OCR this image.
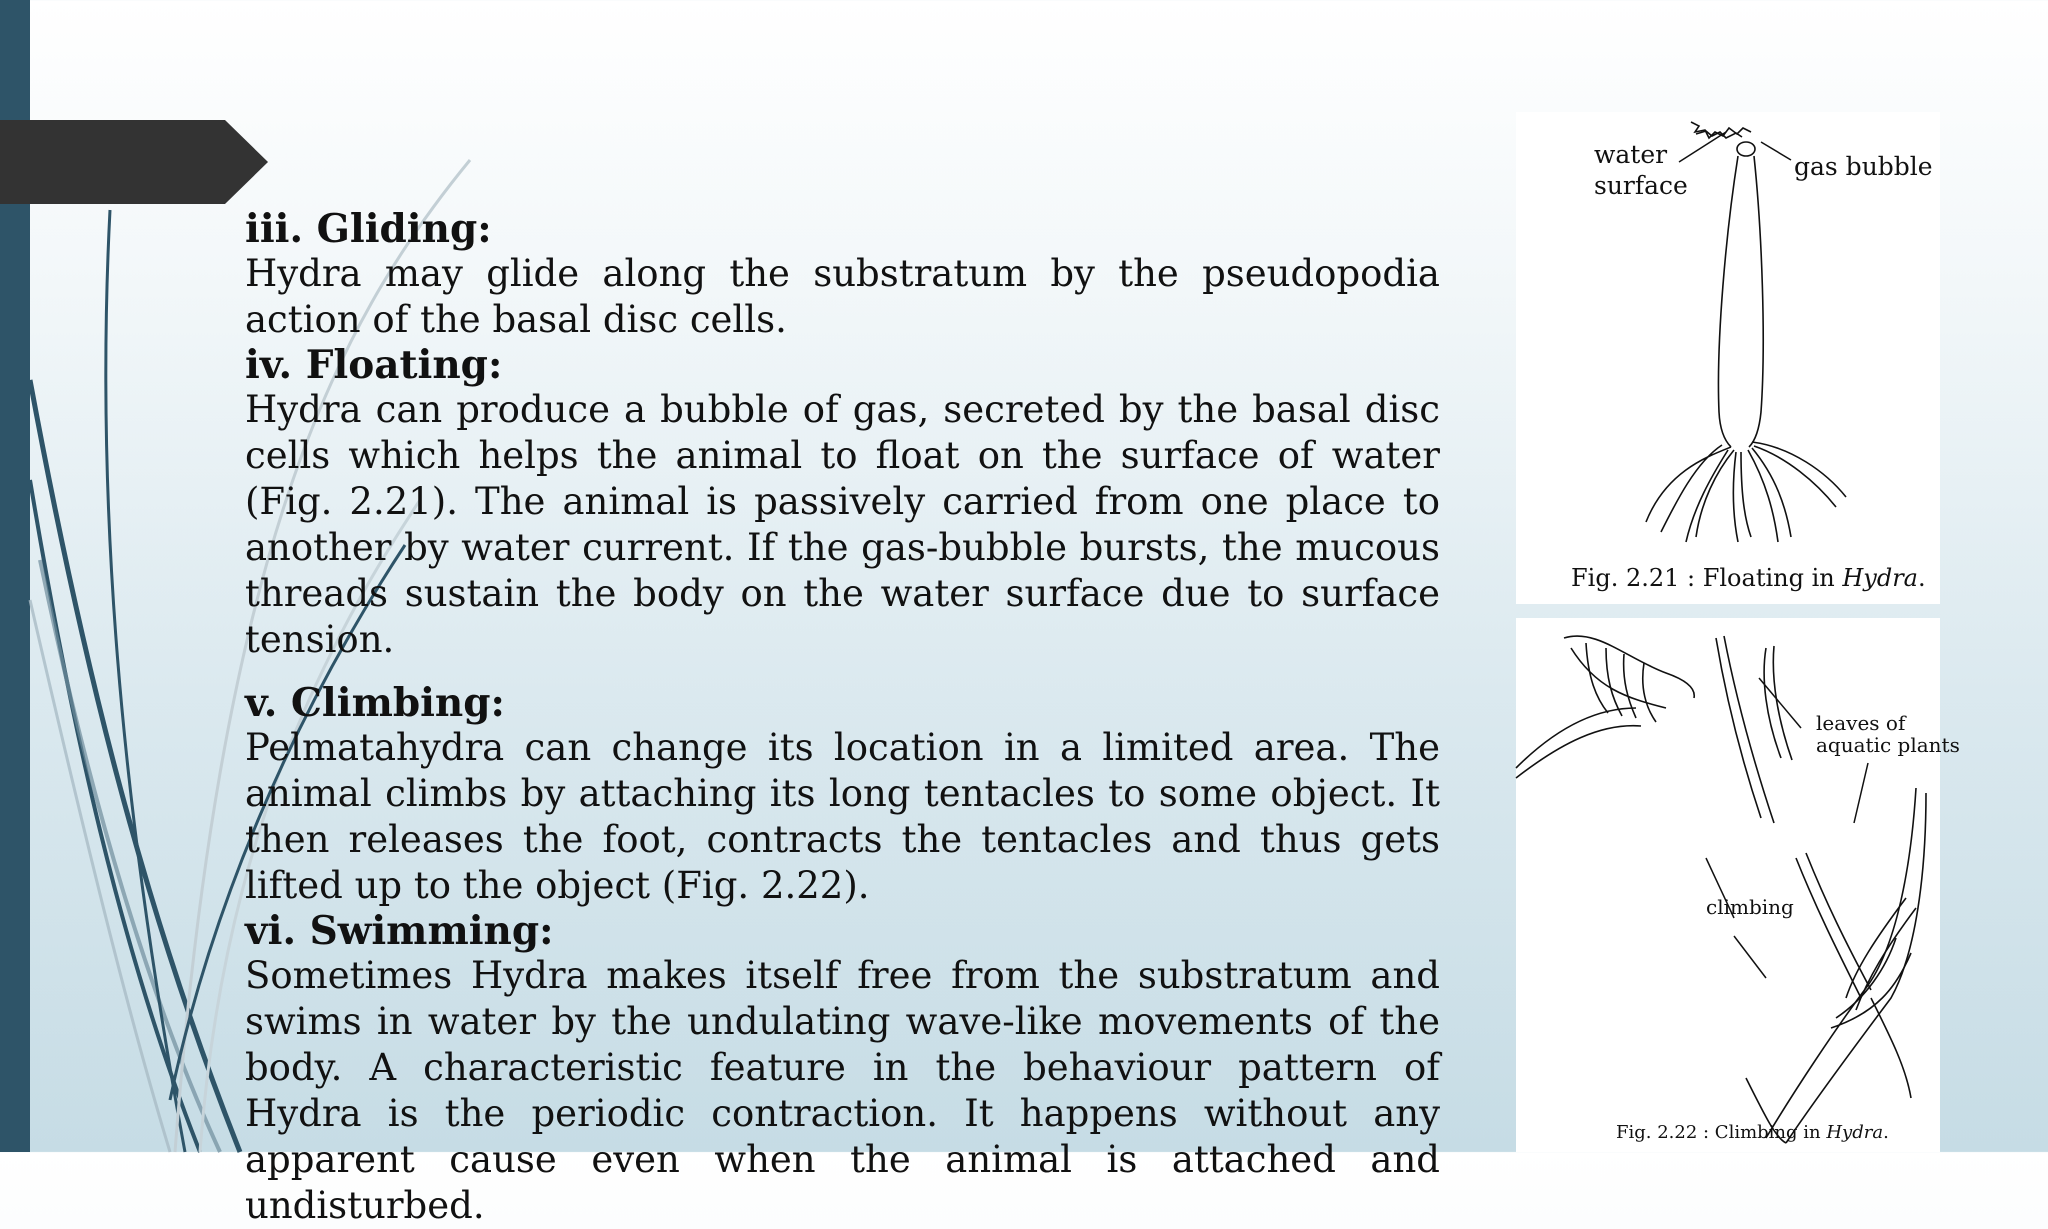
iii. Gliding:

Hydra may glide along the substratum by the pseudopodia action of the basal disc cells.

iv. Floating:

Hydra can produce a bubble of gas, secreted by the basal disc cells which helps the animal to float on the surface of water (Fig. 2.21). The animal is passively carried from one place to another by water current. If the gas-bubble bursts, the mucous threads sustain the body on the water surface due to surface tension.

v. Climbing:

Pelmatahydra can change its location in a limited area. The animal climbs by attaching its long tentacles to some object. It then releases the foot, contracts the tentacles and thus gets lifted up to the object (Fig. 2.22).

vi. Swimming:

Sometimes Hydra makes itself free from the substratum and swims in water by the undulating wave-like movements of the body. A characteristic feature in the behaviour pattern of Hydra is the periodic contraction. It happens without any apparent cause even when the animal is attached and undisturbed.

water
surface
gas bubble
Fig. 2.21 : Floating in Hydra.
leaves of
aquatic plants
climbing
Fig. 2.22 : Climbing in Hydra.
